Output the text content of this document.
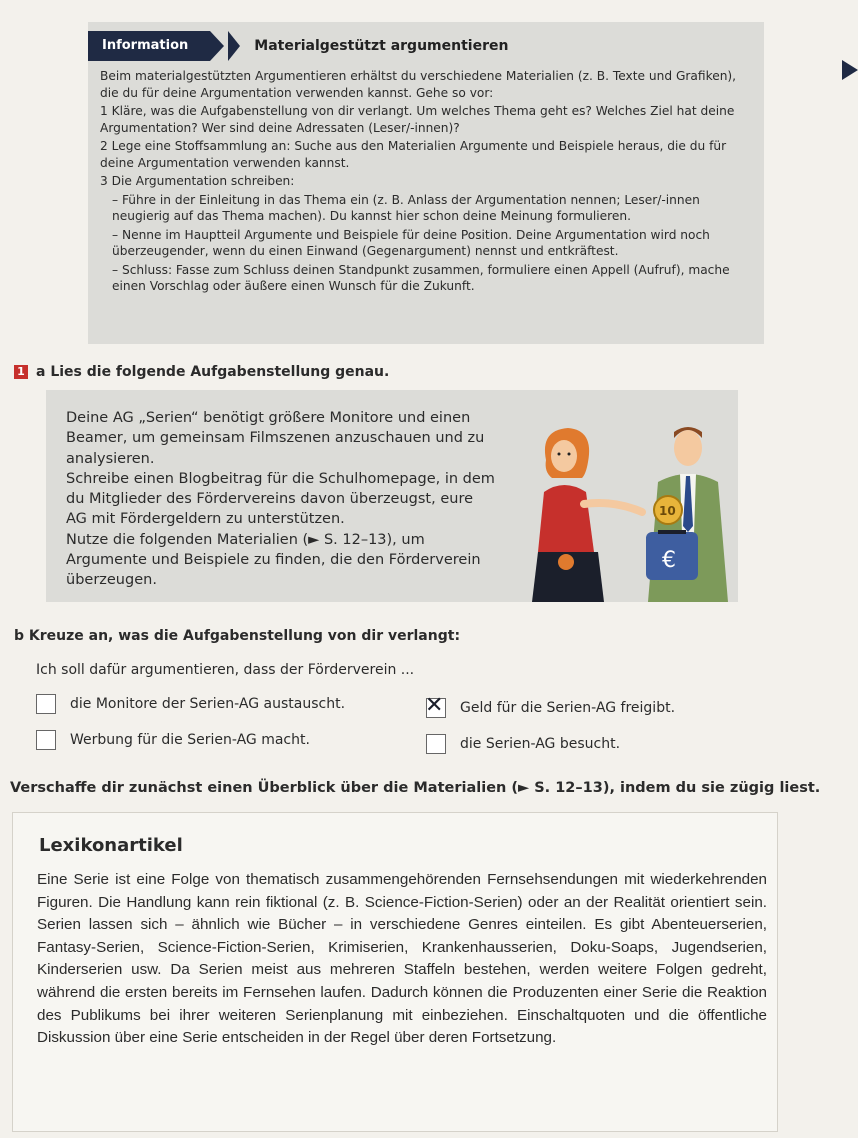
Information	Materialgestützt argumentieren

Beim materialgestützten Argumentieren erhältst du verschiedene Materialien (z. B. Texte und Grafiken), die du für deine Argumentation verwenden kannst. Gehe so vor:

1 Kläre, was die Aufgabenstellung von dir verlangt. Um welches Thema geht es? Welches Ziel hat deine Argumentation? Wer sind deine Adressaten (Leser/-innen)?

2 Lege eine Stoffsammlung an: Suche aus den Materialien Argumente und Beispiele heraus, die du für deine Argumentation verwenden kannst.

3 Die Argumentation schreiben:

– Führe in der Einleitung in das Thema ein (z. B. Anlass der Argumentation nennen; Leser/-innen neugierig auf das Thema machen). Du kannst hier schon deine Meinung formulieren.

– Nenne im Hauptteil Argumente und Beispiele für deine Position. Deine Argumentation wird noch überzeugender, wenn du einen Einwand (Gegenargument) nennst und entkräftest.

– Schluss: Fasse zum Schluss deinen Standpunkt zusammen, formuliere einen Appell (Aufruf), mache einen Vorschlag oder äußere einen Wunsch für die Zukunft.

1 a Lies die folgende Aufgabenstellung genau.

Deine AG „Serien“ benötigt größere Monitore und einen Beamer, um gemeinsam Filmszenen anzuschauen und zu analysieren.

Schreibe einen Blogbeitrag für die Schulhomepage, in dem du Mitglieder des Fördervereins davon überzeugst, eure AG mit Fördergeldern zu unterstützen.

Nutze die folgenden Materialien (► S. 12–13), um Argumente und Beispiele zu finden, die den Förderverein überzeugen.

€
10
b Kreuze an, was die Aufgabenstellung von dir verlangt:
Ich soll dafür argumentieren, dass der Förderverein ...
die Monitore der Serien-AG austauscht.	✕ Geld für die Serien-AG freigibt.
Werbung für die Serien-AG macht.	die Serien-AG besucht.
Verschaffe dir zunächst einen Überblick über die Materialien (► S. 12–13), indem du sie zügig liest.
Lexikonartikel
Eine Serie ist eine Folge von thematisch zusammengehörenden Fernsehsendungen mit wiederkehrenden Figuren. Die Handlung kann rein fiktional (z. B. Science-Fiction-Serien) oder an der Realität orientiert sein. Serien lassen sich – ähnlich wie Bücher – in verschiedene Genres einteilen. Es gibt Abenteuerserien, Fantasy-Serien, Science-Fiction-Serien, Krimiserien, Krankenhausserien, Doku-Soaps, Jugendserien, Kinderserien usw. Da Serien meist aus mehreren Staffeln bestehen, werden weitere Folgen gedreht, während die ersten bereits im Fernsehen laufen. Dadurch können die Produzenten einer Serie die Reaktion des Publikums bei ihrer weiteren Serienplanung mit einbeziehen. Einschaltquoten und die öffentliche Diskussion über eine Serie entscheiden in der Regel über deren Fortsetzung.
